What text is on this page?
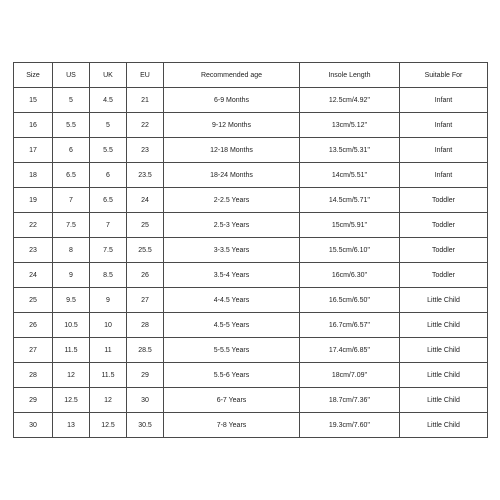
Size	US	UK	EU	Recommended age	Insole Length	Suitable For
15	5	4.5	21	6-9 Months	12.5cm/4.92''	Infant
16	5.5	5	22	9-12 Months	13cm/5.12''	Infant
17	6	5.5	23	12-18 Months	13.5cm/5.31''	Infant
18	6.5	6	23.5	18-24 Months	14cm/5.51''	Infant
19	7	6.5	24	2-2.5 Years	14.5cm/5.71''	Toddler
22	7.5	7	25	2.5-3 Years	15cm/5.91''	Toddler
23	8	7.5	25.5	3-3.5 Years	15.5cm/6.10''	Toddler
24	9	8.5	26	3.5-4 Years	16cm/6.30''	Toddler
25	9.5	9	27	4-4.5 Years	16.5cm/6.50''	Little Child
26	10.5	10	28	4.5-5 Years	16.7cm/6.57''	Little Child
27	11.5	11	28.5	5-5.5 Years	17.4cm/6.85''	Little Child
28	12	11.5	29	5.5-6 Years	18cm/7.09''	Little Child
29	12.5	12	30	6-7 Years	18.7cm/7.36''	Little Child
30	13	12.5	30.5	7-8 Years	19.3cm/7.60''	Little Child
